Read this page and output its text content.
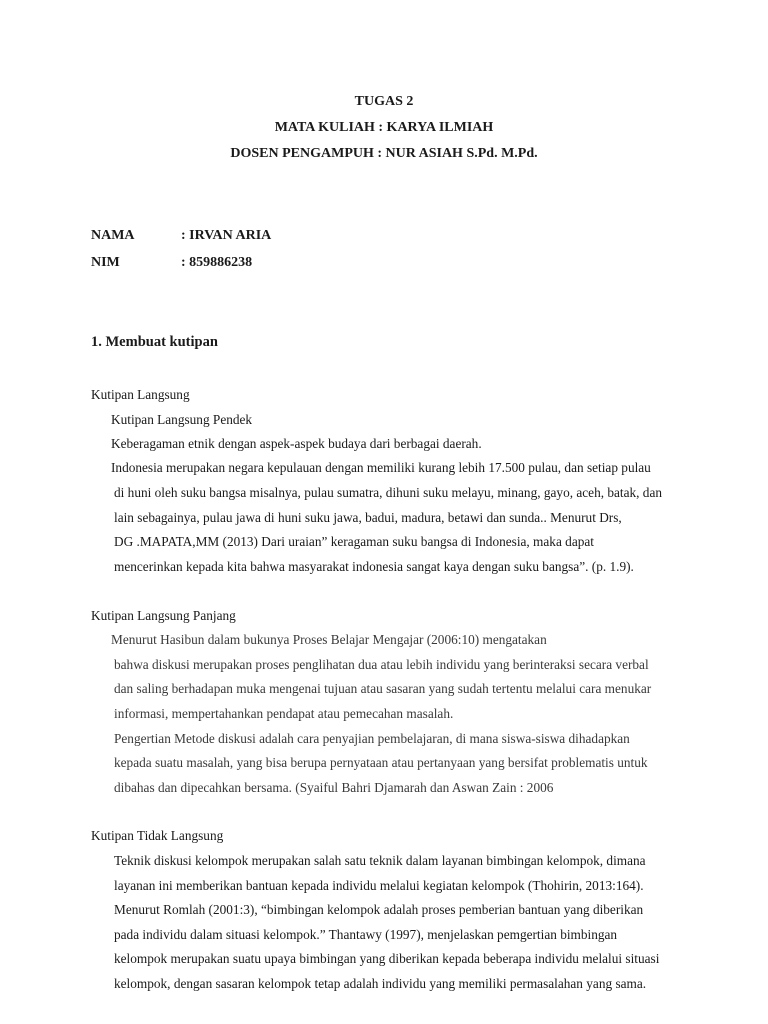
TUGAS 2
MATA KULIAH : KARYA ILMIAH
DOSEN PENGAMPUH : NUR ASIAH S.Pd. M.Pd.
NAMA	: IRVAN ARIA
NIM	: 859886238
1. Membuat kutipan
Kutipan Langsung
Kutipan Langsung Pendek
Keberagaman etnik dengan aspek-aspek budaya dari berbagai daerah.
Indonesia merupakan negara kepulauan dengan memiliki kurang lebih 17.500 pulau, dan setiap pulau
di huni oleh suku bangsa misalnya, pulau sumatra, dihuni suku melayu, minang, gayo, aceh, batak, dan
lain sebagainya, pulau jawa di huni suku jawa, badui, madura, betawi dan sunda.. Menurut Drs,
DG .MAPATA,MM (2013) Dari uraian” keragaman suku bangsa di Indonesia, maka dapat
mencerinkan kepada kita bahwa masyarakat indonesia sangat kaya dengan suku bangsa”. (p. 1.9).
Kutipan Langsung Panjang
Menurut Hasibun dalam bukunya Proses Belajar Mengajar (2006:10) mengatakan
bahwa diskusi merupakan proses penglihatan dua atau lebih individu yang berinteraksi secara verbal
dan saling berhadapan muka mengenai tujuan atau sasaran yang sudah tertentu melalui cara menukar
informasi, mempertahankan pendapat atau pemecahan masalah.
Pengertian Metode diskusi adalah cara penyajian pembelajaran, di mana siswa-siswa dihadapkan
kepada suatu masalah, yang bisa berupa pernyataan atau pertanyaan yang bersifat problematis untuk
dibahas dan dipecahkan bersama. (Syaiful Bahri Djamarah dan Aswan Zain : 2006
Kutipan Tidak Langsung
Teknik diskusi kelompok merupakan salah satu teknik dalam layanan bimbingan kelompok, dimana
layanan ini memberikan bantuan kepada individu melalui kegiatan kelompok (Thohirin, 2013:164).
Menurut Romlah (2001:3), “bimbingan kelompok adalah proses pemberian bantuan yang diberikan
pada individu dalam situasi kelompok.” Thantawy (1997), menjelaskan pemgertian bimbingan
kelompok merupakan suatu upaya bimbingan yang diberikan kepada beberapa individu melalui situasi
kelompok, dengan sasaran kelompok tetap adalah individu yang memiliki permasalahan yang sama.
